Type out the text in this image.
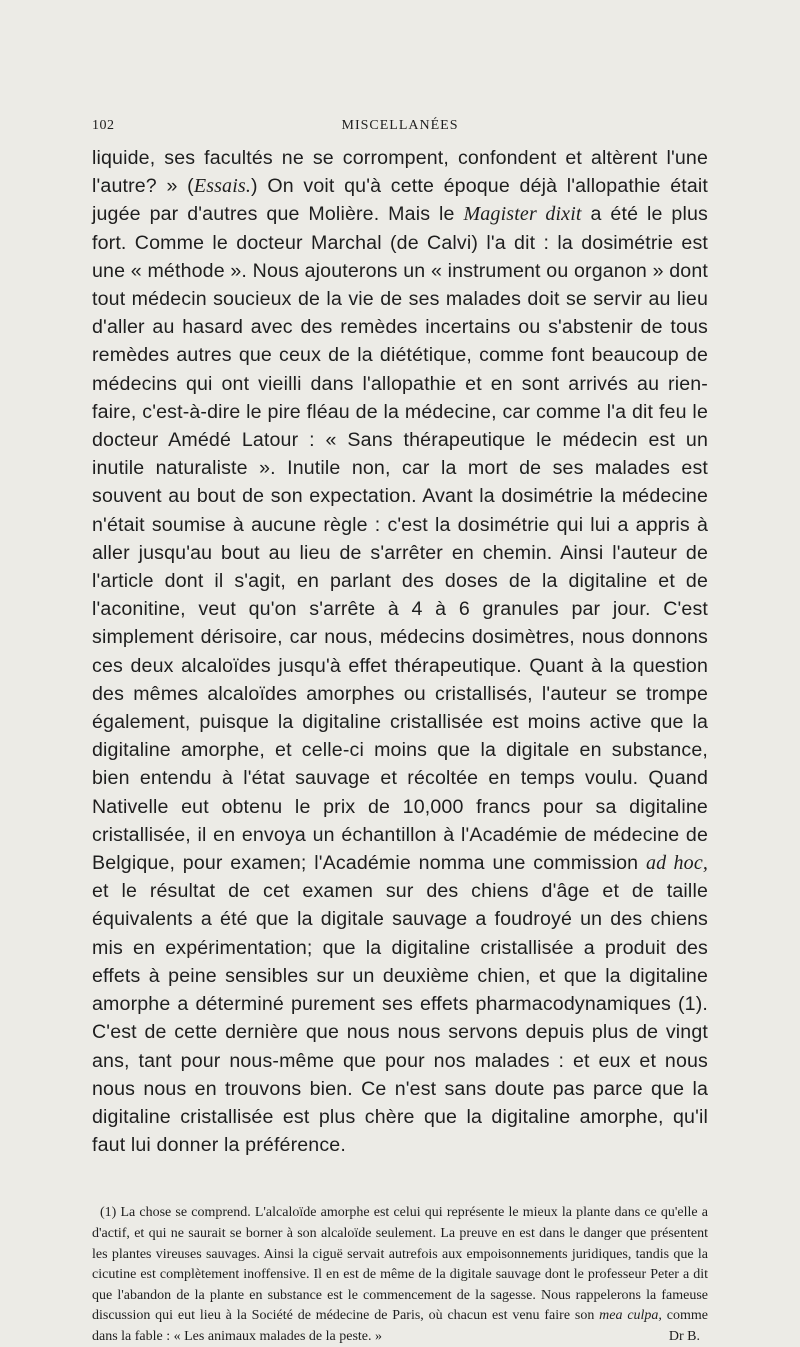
102	MISCELLANÉES

liquide, ses facultés ne se corrompent, confondent et altèrent l'une l'autre? » (Essais.) On voit qu'à cette époque déjà l'allopathie était jugée par d'autres que Molière. Mais le Magister dixit a été le plus fort. Comme le docteur Marchal (de Calvi) l'a dit : la dosimétrie est une « méthode ». Nous ajouterons un « instrument ou organon » dont tout médecin soucieux de la vie de ses malades doit se servir au lieu d'aller au hasard avec des remèdes incertains ou s'abstenir de tous remèdes autres que ceux de la diététique, comme font beaucoup de médecins qui ont vieilli dans l'allopathie et en sont arrivés au rien-faire, c'est-à-dire le pire fléau de la médecine, car comme l'a dit feu le docteur Amédé Latour : « Sans thérapeutique le médecin est un inutile naturaliste ». Inutile non, car la mort de ses malades est souvent au bout de son expectation. Avant la dosimétrie la médecine n'était soumise à aucune règle : c'est la dosimétrie qui lui a appris à aller jusqu'au bout au lieu de s'arrêter en chemin. Ainsi l'auteur de l'article dont il s'agit, en parlant des doses de la digitaline et de l'aconitine, veut qu'on s'arrête à 4 à 6 granules par jour. C'est simplement dérisoire, car nous, médecins dosimètres, nous donnons ces deux alcaloïdes jusqu'à effet thérapeutique. Quant à la question des mêmes alcaloïdes amorphes ou cristallisés, l'auteur se trompe également, puisque la digitaline cristallisée est moins active que la digitaline amorphe, et celle-ci moins que la digitale en substance, bien entendu à l'état sauvage et récoltée en temps voulu. Quand Nativelle eut obtenu le prix de 10,000 francs pour sa digitaline cristallisée, il en envoya un échantillon à l'Académie de médecine de Belgique, pour examen; l'Académie nomma une commission ad hoc, et le résultat de cet examen sur des chiens d'âge et de taille équivalents a été que la digitale sauvage a foudroyé un des chiens mis en expérimentation; que la digitaline cristallisée a produit des effets à peine sensibles sur un deuxième chien, et que la digitaline amorphe a déterminé purement ses effets pharmacodynamiques (1). C'est de cette dernière que nous nous servons depuis plus de vingt ans, tant pour nous-même que pour nos malades : et eux et nous nous nous en trouvons bien. Ce n'est sans doute pas parce que la digitaline cristallisée est plus chère que la digitaline amorphe, qu'il faut lui donner la préférence.

(1) La chose se comprend. L'alcaloïde amorphe est celui qui représente le mieux la plante dans ce qu'elle a d'actif, et qui ne saurait se borner à son alcaloïde seulement. La preuve en est dans le danger que présentent les plantes vireuses sauvages. Ainsi la ciguë servait autrefois aux empoisonnements juridiques, tandis que la cicutine est complètement inoffensive. Il en est de même de la digitale sauvage dont le professeur Peter a dit que l'abandon de la plante en substance est le commencement de la sagesse. Nous rappelerons la fameuse discussion qui eut lieu à la Société de médecine de Paris, où chacun est venu faire son mea culpa, comme dans la fable : « Les animaux malades de la peste. »	Dr B.
